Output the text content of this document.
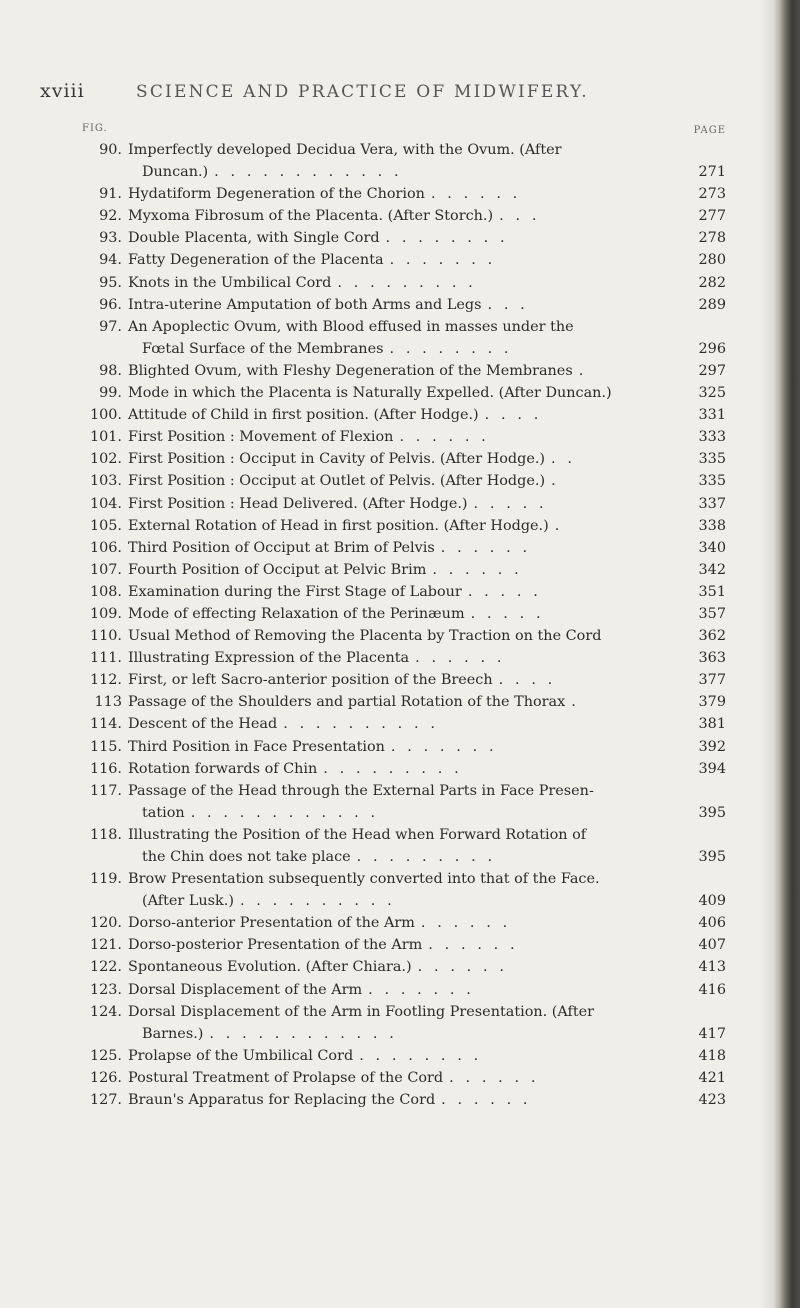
xviii	SCIENCE AND PRACTICE OF MIDWIFERY.
FIG.	PAGE
90. Imperfectly developed Decidua Vera, with the Ovum. (After
Duncan.) . . . . . . . . . . . .	271
91. Hydatiform Degeneration of the Chorion . . . . . .	273
92. Myxoma Fibrosum of the Placenta. (After Storch.) . . .	277
93. Double Placenta, with Single Cord . . . . . . . .	278
94. Fatty Degeneration of the Placenta . . . . . . .	280
95. Knots in the Umbilical Cord . . . . . . . . .	282
96. Intra-uterine Amputation of both Arms and Legs . . .	289
97. An Apoplectic Ovum, with Blood effused in masses under the
Fœtal Surface of the Membranes . . . . . . . .	296
98. Blighted Ovum, with Fleshy Degeneration of the Membranes .	297
99. Mode in which the Placenta is Naturally Expelled. (After Duncan.)	325
100. Attitude of Child in first position. (After Hodge.) . . . .	331
101. First Position : Movement of Flexion . . . . . .	333
102. First Position : Occiput in Cavity of Pelvis. (After Hodge.) . .	335
103. First Position : Occiput at Outlet of Pelvis. (After Hodge.) .	335
104. First Position : Head Delivered. (After Hodge.) . . . . .	337
105. External Rotation of Head in first position. (After Hodge.) .	338
106. Third Position of Occiput at Brim of Pelvis . . . . . .	340
107. Fourth Position of Occiput at Pelvic Brim . . . . . .	342
108. Examination during the First Stage of Labour . . . . .	351
109. Mode of effecting Relaxation of the Perinæum . . . . .	357
110. Usual Method of Removing the Placenta by Traction on the Cord	362
111. Illustrating Expression of the Placenta . . . . . .	363
112. First, or left Sacro-anterior position of the Breech . . . .	377
113 Passage of the Shoulders and partial Rotation of the Thorax .	379
114. Descent of the Head . . . . . . . . . .	381
115. Third Position in Face Presentation . . . . . . .	392
116. Rotation forwards of Chin . . . . . . . . .	394
117. Passage of the Head through the External Parts in Face Presen-
tation . . . . . . . . . . . .	395
118. Illustrating the Position of the Head when Forward Rotation of
the Chin does not take place . . . . . . . . .	395
119. Brow Presentation subsequently converted into that of the Face.
(After Lusk.) . . . . . . . . . .	409
120. Dorso-anterior Presentation of the Arm . . . . . .	406
121. Dorso-posterior Presentation of the Arm . . . . . .	407
122. Spontaneous Evolution. (After Chiara.) . . . . . .	413
123. Dorsal Displacement of the Arm . . . . . . .	416
124. Dorsal Displacement of the Arm in Footling Presentation. (After
Barnes.) . . . . . . . . . . . .	417
125. Prolapse of the Umbilical Cord . . . . . . . .	418
126. Postural Treatment of Prolapse of the Cord . . . . . .	421
127. Braun's Apparatus for Replacing the Cord . . . . . .	423
